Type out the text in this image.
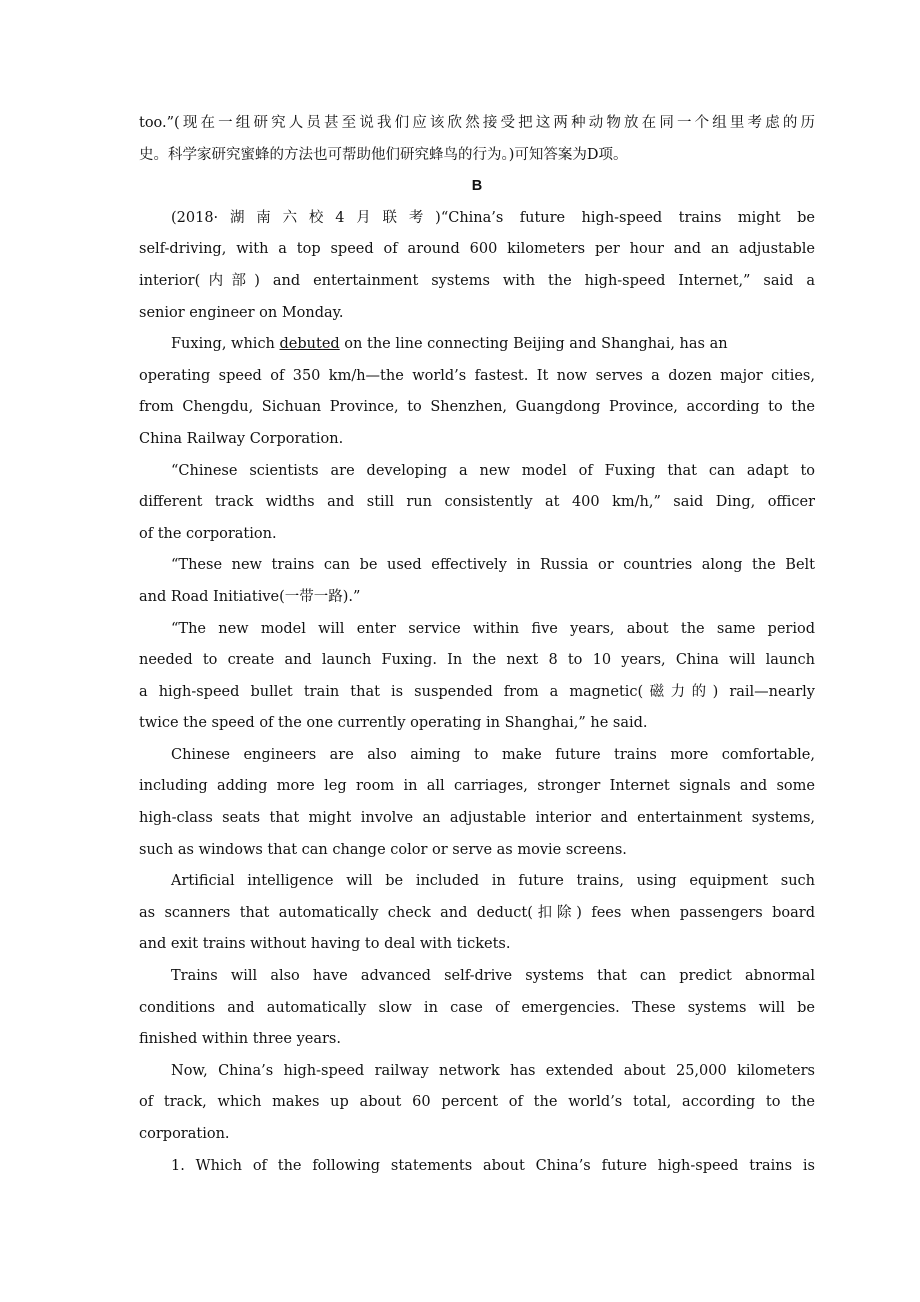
too.”(现在一组研究人员甚至说我们应该欣然接受把这两种动物放在同一个组里考虑的历
史。科学家研究蜜蜂的方法也可帮助他们研究蜂鸟的行为。)可知答案为D项。
B
(2018·湖南六校4月联考)“China’s future high-speed trains might be
self-driving, with a top speed of around 600 kilometers per hour and an adjustable
interior(内部) and entertainment systems with the high-speed Internet,” said a
senior engineer on Monday.
Fuxing, which debuted on the line connecting Beijing and Shanghai, has an
operating speed of 350 km/h—the world’s fastest. It now serves a dozen major cities,
from Chengdu, Sichuan Province, to Shenzhen, Guangdong Province, according to the
China Railway Corporation.
“Chinese scientists are developing a new model of Fuxing that can adapt to
different track widths and still run consistently at 400 km/h,” said Ding, officer
of the corporation.
“These new trains can be used effectively in Russia or countries along the Belt
and Road Initiative(一带一路).”
“The new model will enter service within five years, about the same period
needed to create and launch Fuxing. In the next 8 to 10 years, China will launch
a high-speed bullet train that is suspended from a magnetic(磁力的) rail—nearly
twice the speed of the one currently operating in Shanghai,” he said.
Chinese engineers are also aiming to make future trains more comfortable,
including adding more leg room in all carriages, stronger Internet signals and some
high-class seats that might involve an adjustable interior and entertainment systems,
such as windows that can change color or serve as movie screens.
Artificial intelligence will be included in future trains, using equipment such
as scanners that automatically check and deduct(扣除) fees when passengers board
and exit trains without having to deal with tickets.
Trains will also have advanced self-drive systems that can predict abnormal
conditions and automatically slow in case of emergencies. These systems will be
finished within three years.
Now, China’s high-speed railway network has extended about 25,000 kilometers
of track, which makes up about 60 percent of the world’s total, according to the
corporation.
1. Which of the following statements about China’s future high-speed trains is
